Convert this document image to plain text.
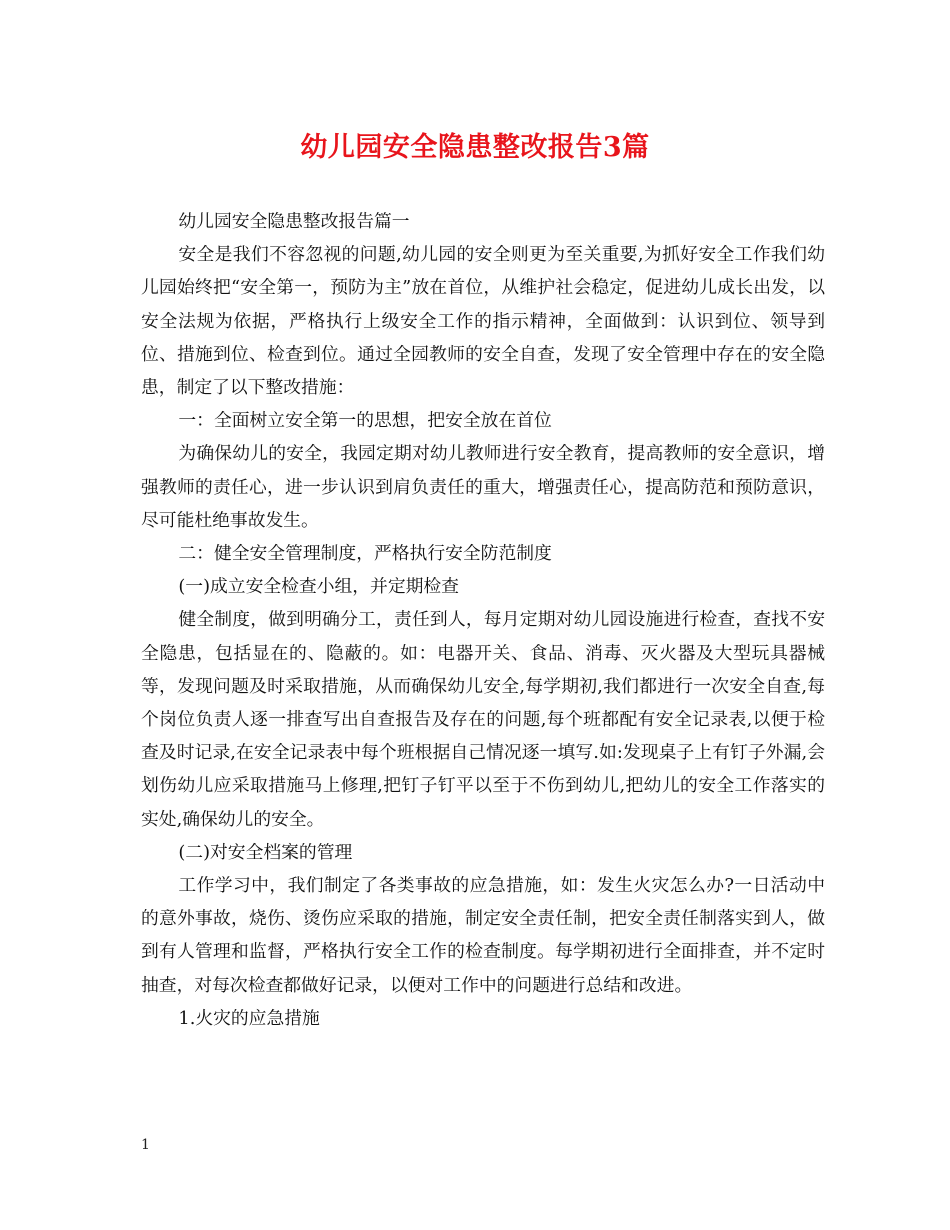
幼儿园安全隐患整改报告3篇

幼儿园安全隐患整改报告篇一

安全是我们不容忽视的问题,幼儿园的安全则更为至关重要,为抓好安全工作我们幼儿园始终把“安全第一，预防为主”放在首位，从维护社会稳定，促进幼儿成长出发，以安全法规为依据，严格执行上级安全工作的指示精神，全面做到：认识到位、领导到位、措施到位、检查到位。通过全园教师的安全自查，发现了安全管理中存在的安全隐患，制定了以下整改措施：

一：全面树立安全第一的思想，把安全放在首位

为确保幼儿的安全，我园定期对幼儿教师进行安全教育，提高教师的安全意识，增强教师的责任心，进一步认识到肩负责任的重大，增强责任心，提高防范和预防意识，尽可能杜绝事故发生。

二：健全安全管理制度，严格执行安全防范制度

(一)成立安全检查小组，并定期检查

健全制度，做到明确分工，责任到人，每月定期对幼儿园设施进行检查，查找不安全隐患，包括显在的、隐蔽的。如：电器开关、食品、消毒、灭火器及大型玩具器械等，发现问题及时采取措施，从而确保幼儿安全,每学期初,我们都进行一次安全自查,每个岗位负责人逐一排查写出自查报告及存在的问题,每个班都配有安全记录表,以便于检查及时记录,在安全记录表中每个班根据自己情况逐一填写.如:发现桌子上有钉子外漏,会划伤幼儿应采取措施马上修理,把钉子钉平以至于不伤到幼儿,把幼儿的安全工作落实的实处,确保幼儿的安全。

(二)对安全档案的管理

工作学习中，我们制定了各类事故的应急措施，如：发生火灾怎么办?一日活动中的意外事故，烧伤、烫伤应采取的措施，制定安全责任制，把安全责任制落实到人，做到有人管理和监督，严格执行安全工作的检查制度。每学期初进行全面排查，并不定时抽查，对每次检查都做好记录，以便对工作中的问题进行总结和改进。

1.火灾的应急措施

1
